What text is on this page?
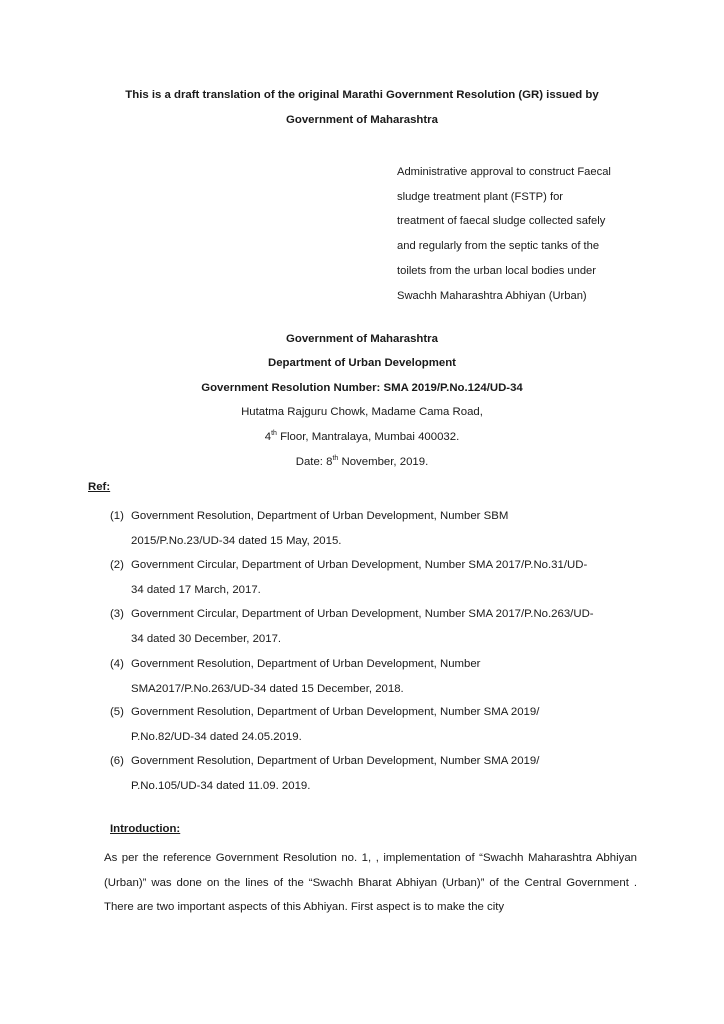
This is a draft translation of the original Marathi Government Resolution (GR) issued by
Government of Maharashtra
Administrative approval to construct Faecal
sludge treatment plant (FSTP) for
treatment of faecal sludge collected safely
and regularly from the septic tanks of the
toilets from the urban local bodies under
Swachh Maharashtra Abhiyan (Urban)
Government of Maharashtra
Department of Urban Development
Government Resolution Number: SMA 2019/P.No.124/UD-34
Hutatma Rajguru Chowk, Madame Cama Road,
4th Floor, Mantralaya, Mumbai 400032.
Date: 8th November, 2019.
Ref:
(1) Government Resolution, Department of Urban Development, Number SBM
2015/P.No.23/UD-34 dated 15 May, 2015.
(2) Government Circular, Department of Urban Development, Number SMA 2017/P.No.31/UD-
34 dated 17 March, 2017.
(3) Government Circular, Department of Urban Development, Number SMA 2017/P.No.263/UD-
34 dated 30 December, 2017.
(4) Government Resolution, Department of Urban Development, Number
SMA2017/P.No.263/UD-34 dated 15 December, 2018.
(5) Government Resolution, Department of Urban Development, Number SMA 2019/
P.No.82/UD-34 dated 24.05.2019.
(6) Government Resolution, Department of Urban Development, Number SMA 2019/
P.No.105/UD-34 dated 11.09. 2019.
Introduction:
As per the reference Government Resolution no. 1, , implementation of “Swachh Maharashtra Abhiyan (Urban)” was done on the lines of the “Swachh Bharat Abhiyan (Urban)” of the Central Government . There are two important aspects of this Abhiyan. First aspect is to make the city
